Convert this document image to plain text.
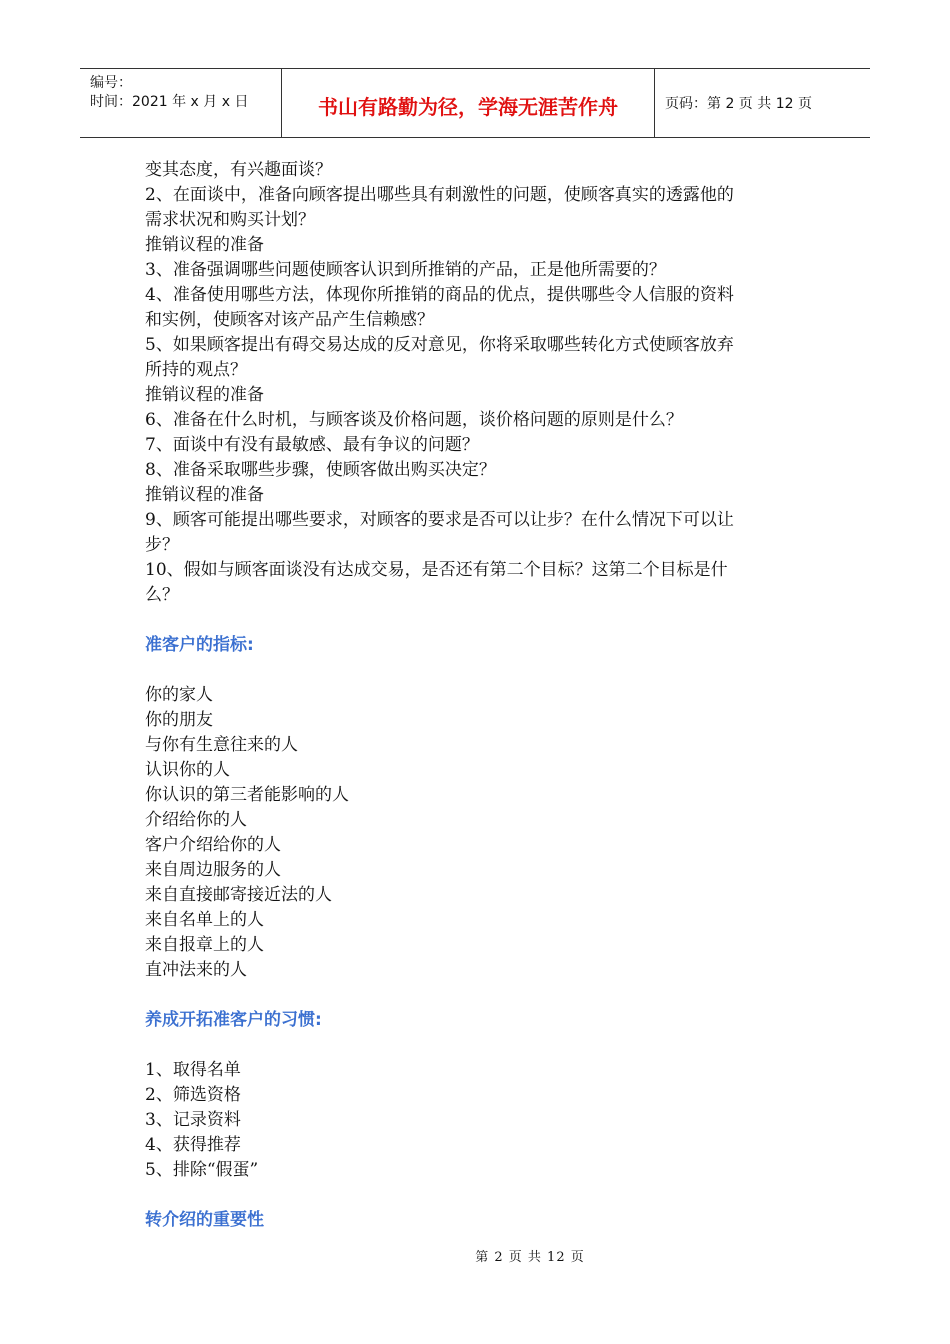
编号：
时间：2021 年 x 月 x 日	书山有路勤为径，学海无涯苦作舟	页码：第 2 页 共 12 页

变其态度，有兴趣面谈？

2、在面谈中，准备向顾客提出哪些具有刺激性的问题，使顾客真实的透露他的

需求状况和购买计划？

推销议程的准备

3、准备强调哪些问题使顾客认识到所推销的产品，正是他所需要的？

4、准备使用哪些方法，体现你所推销的商品的优点，提供哪些令人信服的资料

和实例，使顾客对该产品产生信赖感？

5、如果顾客提出有碍交易达成的反对意见，你将采取哪些转化方式使顾客放弃

所持的观点？

推销议程的准备

6、准备在什么时机，与顾客谈及价格问题，谈价格问题的原则是什么？

7、面谈中有没有最敏感、最有争议的问题？

8、准备采取哪些步骤，使顾客做出购买决定？

推销议程的准备

9、顾客可能提出哪些要求，对顾客的要求是否可以让步？在什么情况下可以让

步？

10、假如与顾客面谈没有达成交易，是否还有第二个目标？这第二个目标是什

么？

准客户的指标:

你的家人

你的朋友

与你有生意往来的人

认识你的人

你认识的第三者能影响的人

介绍给你的人

客户介绍给你的人

来自周边服务的人

来自直接邮寄接近法的人

来自名单上的人

来自报章上的人

直冲法来的人

养成开拓准客户的习惯:

1、取得名单

2、筛选资格

3、记录资料

4、获得推荐

5、排除“假蛋”

转介绍的重要性
第 2 页 共 12 页
